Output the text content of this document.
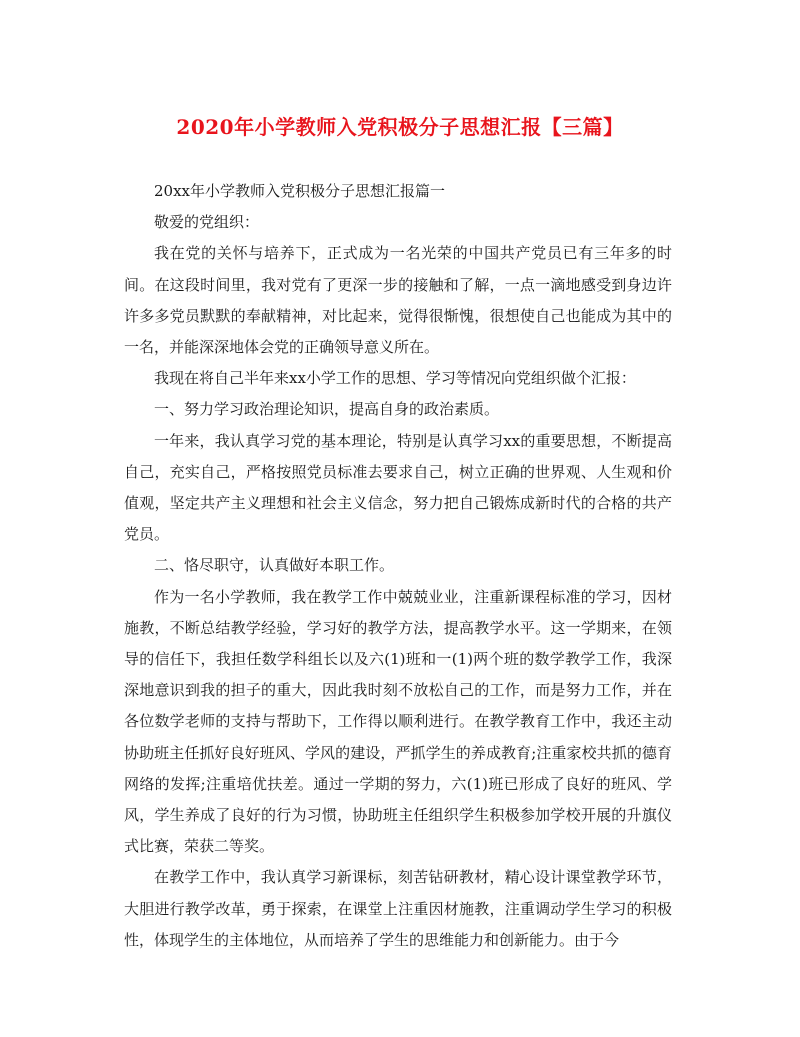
2020年小学教师入党积极分子思想汇报【三篇】

20xx年小学教师入党积极分子思想汇报篇一

敬爱的党组织：

我在党的关怀与培养下，正式成为一名光荣的中国共产党员已有三年多的时间。在这段时间里，我对党有了更深一步的接触和了解，一点一滴地感受到身边许许多多党员默默的奉献精神，对比起来，觉得很惭愧，很想使自己也能成为其中的一名，并能深深地体会党的正确领导意义所在。

我现在将自己半年来xx小学工作的思想、学习等情况向党组织做个汇报：

一、努力学习政治理论知识，提高自身的政治素质。

一年来，我认真学习党的基本理论，特别是认真学习xx的重要思想，不断提高自己，充实自己，严格按照党员标准去要求自己，树立正确的世界观、人生观和价值观，坚定共产主义理想和社会主义信念，努力把自己锻炼成新时代的合格的共产党员。

二、恪尽职守，认真做好本职工作。

作为一名小学教师，我在教学工作中兢兢业业，注重新课程标准的学习，因材施教，不断总结教学经验，学习好的教学方法，提高教学水平。这一学期来，在领导的信任下，我担任数学科组长以及六(1)班和一(1)两个班的数学教学工作，我深深地意识到我的担子的重大，因此我时刻不放松自己的工作，而是努力工作，并在各位数学老师的支持与帮助下，工作得以顺利进行。在教学教育工作中，我还主动协助班主任抓好良好班风、学风的建设，严抓学生的养成教育;注重家校共抓的德育网络的发挥;注重培优扶差。通过一学期的努力，六(1)班已形成了良好的班风、学风，学生养成了良好的行为习惯，协助班主任组织学生积极参加学校开展的升旗仪式比赛，荣获二等奖。

在教学工作中，我认真学习新课标，刻苦钻研教材，精心设计课堂教学环节，大胆进行教学改革，勇于探索，在课堂上注重因材施教，注重调动学生学习的积极性，体现学生的主体地位，从而培养了学生的思维能力和创新能力。由于今
